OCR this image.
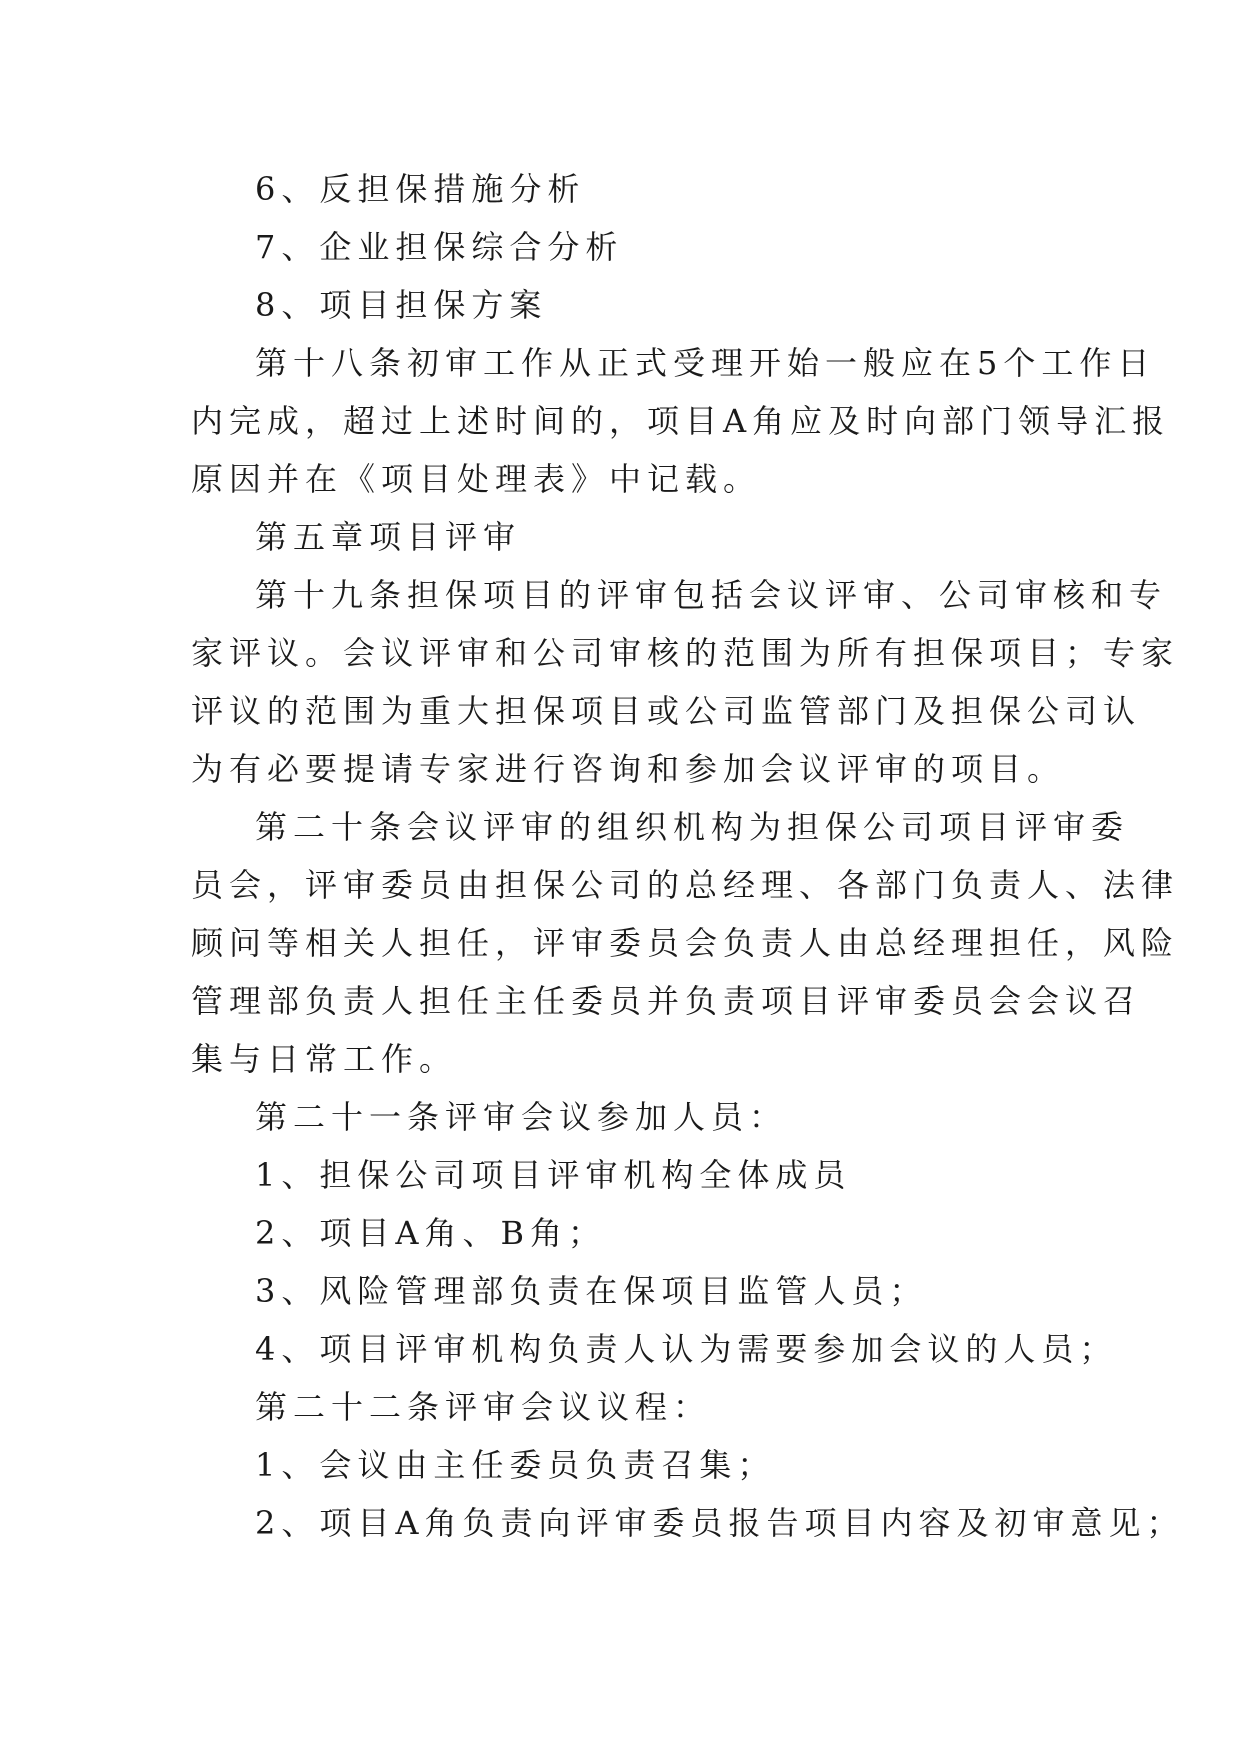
6、反担保措施分析
7、企业担保综合分析
8、项目担保方案
第十八条初审工作从正式受理开始一般应在5个工作日
内完成，超过上述时间的，项目A角应及时向部门领导汇报
原因并在《项目处理表》中记载。
第五章项目评审
第十九条担保项目的评审包括会议评审、公司审核和专
家评议。会议评审和公司审核的范围为所有担保项目；专家
评议的范围为重大担保项目或公司监管部门及担保公司认
为有必要提请专家进行咨询和参加会议评审的项目。
第二十条会议评审的组织机构为担保公司项目评审委
员会，评审委员由担保公司的总经理、各部门负责人、法律
顾问等相关人担任，评审委员会负责人由总经理担任，风险
管理部负责人担任主任委员并负责项目评审委员会会议召
集与日常工作。
第二十一条评审会议参加人员：
1、担保公司项目评审机构全体成员
2、项目A角、B角；
3、风险管理部负责在保项目监管人员；
4、项目评审机构负责人认为需要参加会议的人员；
第二十二条评审会议议程：
1、会议由主任委员负责召集；
2、项目A角负责向评审委员报告项目内容及初审意见；
